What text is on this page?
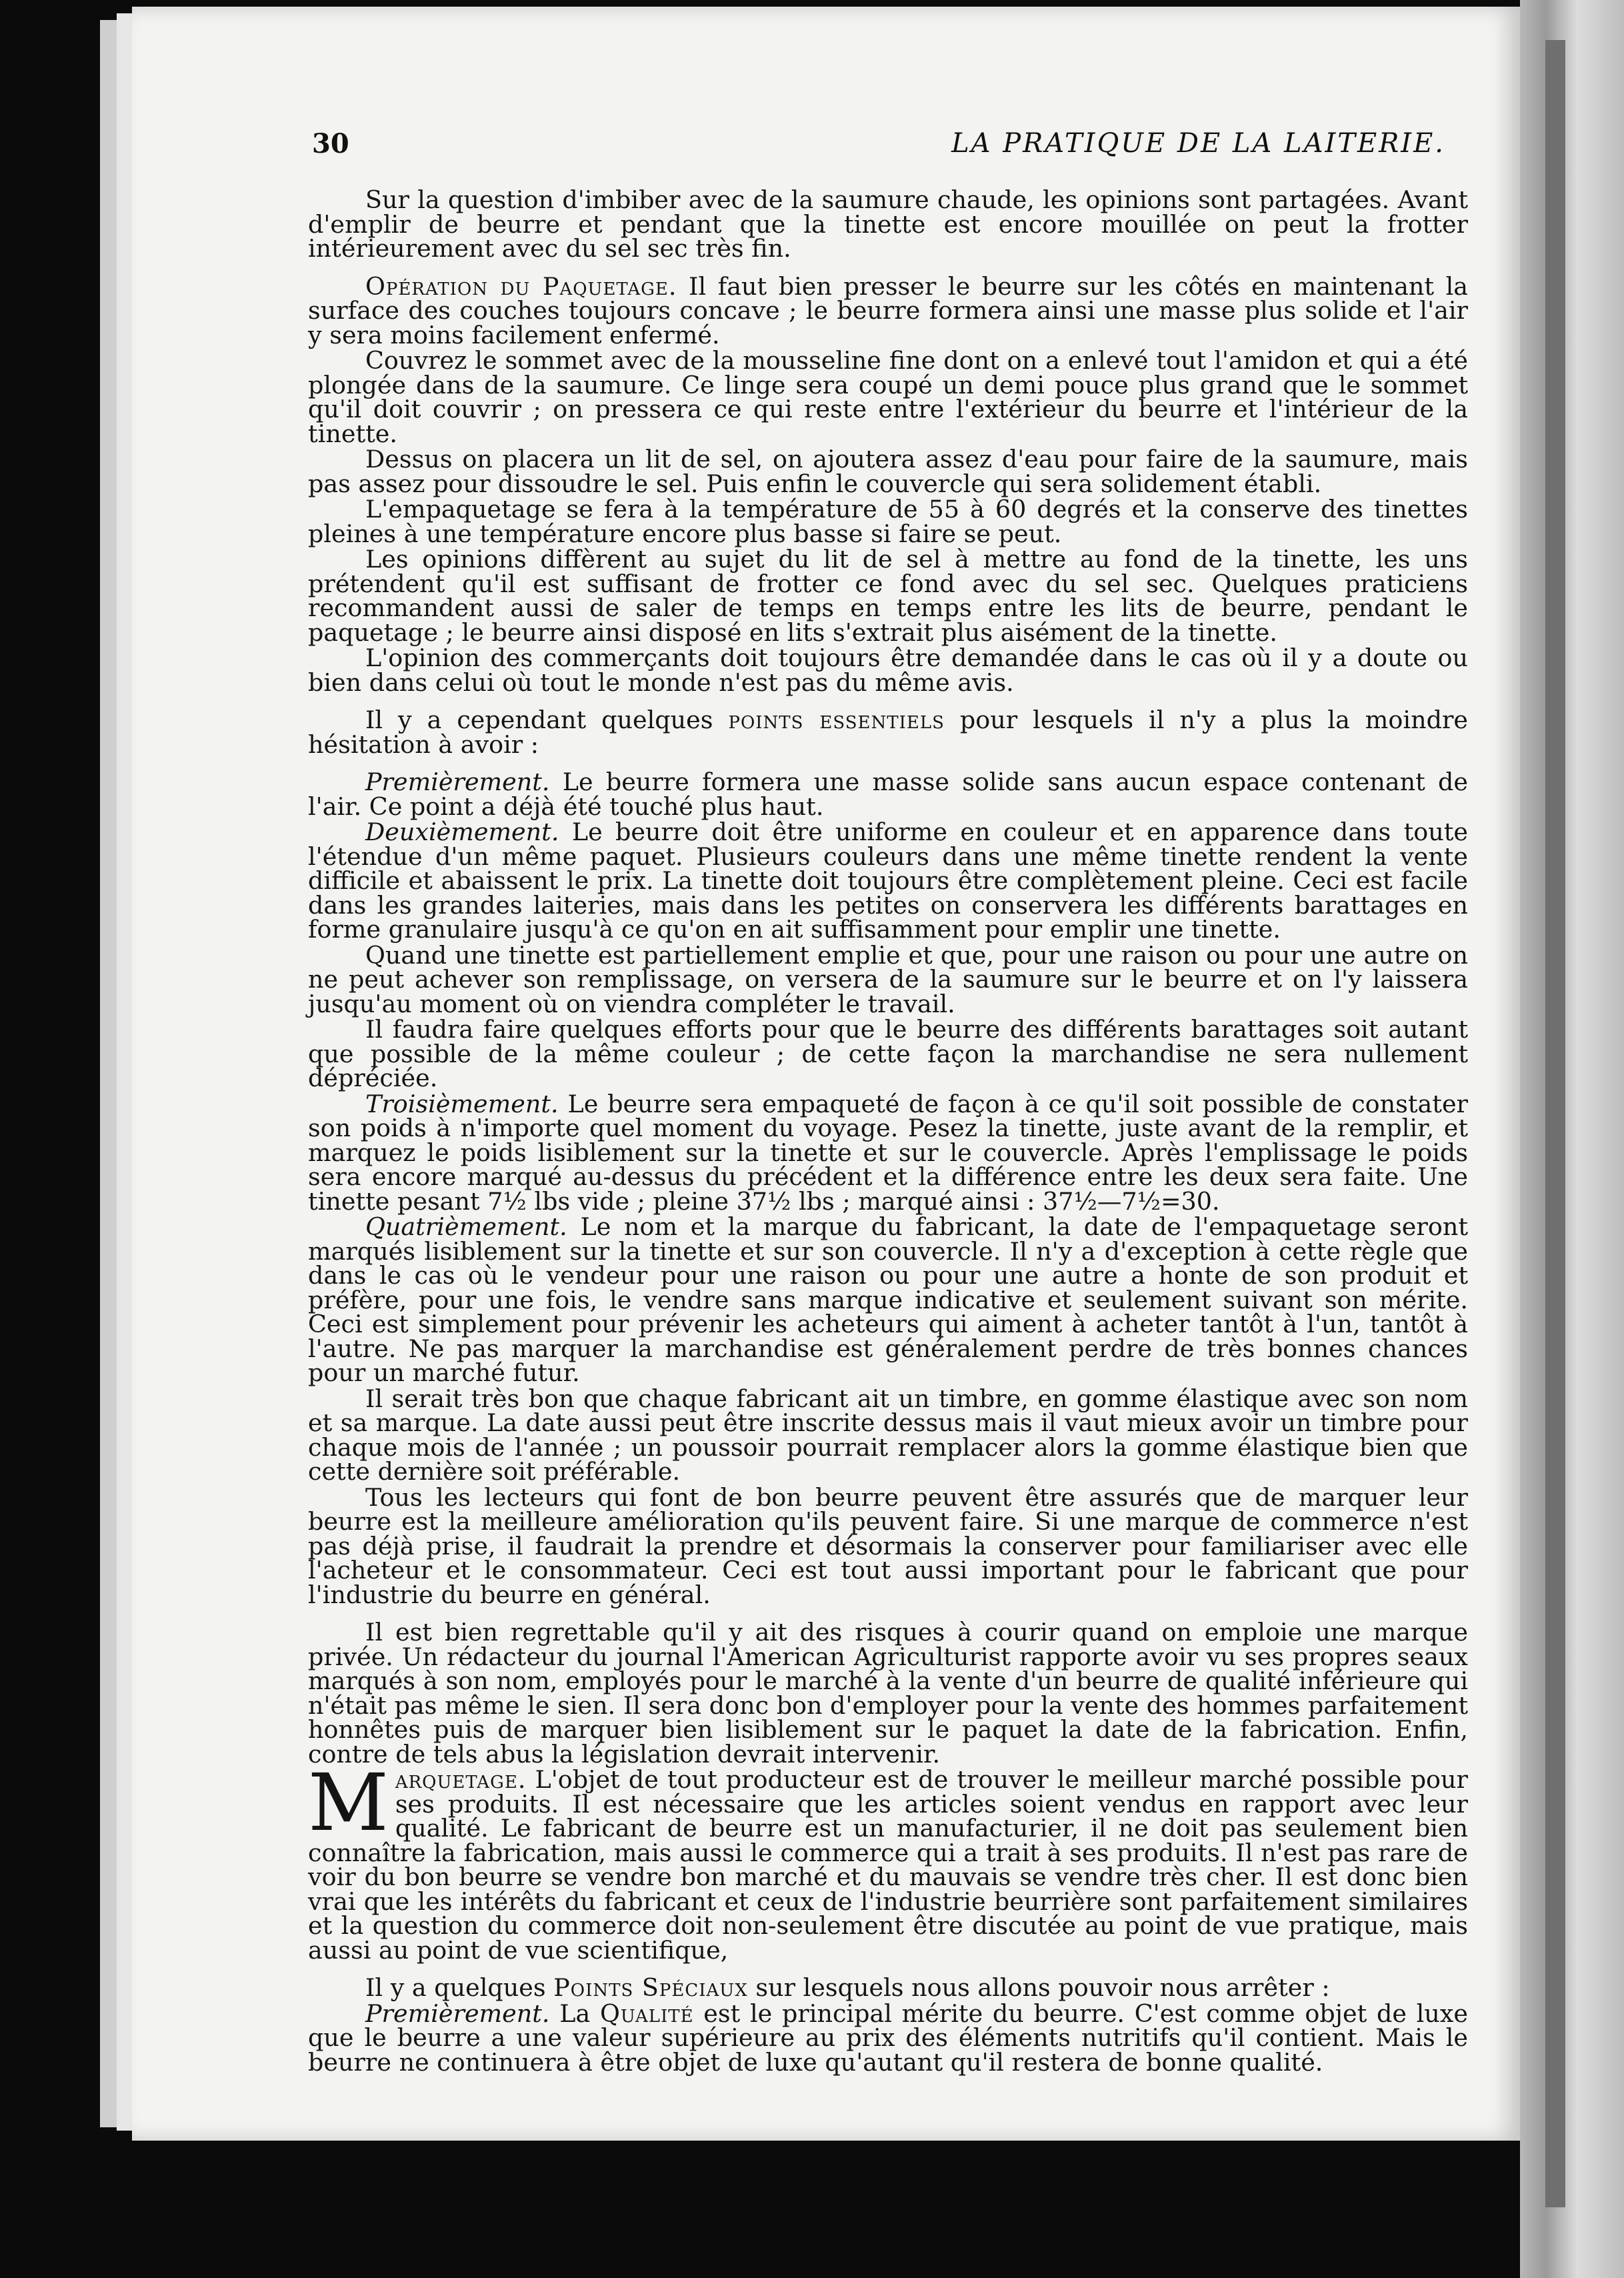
30	LA PRATIQUE DE LA LAITERIE.

Sur la question d'imbiber avec de la saumure chaude, les opinions sont partagées. Avant d'emplir de beurre et pendant que la tinette est encore mouillée on peut la frotter intérieurement avec du sel sec très fin.

Opération du Paquetage. Il faut bien presser le beurre sur les côtés en maintenant la surface des couches toujours concave ; le beurre formera ainsi une masse plus solide et l'air y sera moins facilement enfermé.

Couvrez le sommet avec de la mousseline fine dont on a enlevé tout l'amidon et qui a été plongée dans de la saumure. Ce linge sera coupé un demi pouce plus grand que le sommet qu'il doit couvrir ; on pressera ce qui reste entre l'extérieur du beurre et l'intérieur de la tinette.

Dessus on placera un lit de sel, on ajoutera assez d'eau pour faire de la saumure, mais pas assez pour dissoudre le sel. Puis enfin le couvercle qui sera solidement établi.

L'empaquetage se fera à la température de 55 à 60 degrés et la conserve des tinettes pleines à une température encore plus basse si faire se peut.

Les opinions diffèrent au sujet du lit de sel à mettre au fond de la tinette, les uns prétendent qu'il est suffisant de frotter ce fond avec du sel sec. Quelques praticiens recommandent aussi de saler de temps en temps entre les lits de beurre, pendant le paquetage ; le beurre ainsi disposé en lits s'extrait plus aisément de la tinette.

L'opinion des commerçants doit toujours être demandée dans le cas où il y a doute ou bien dans celui où tout le monde n'est pas du même avis.

Il y a cependant quelques points essentiels pour lesquels il n'y a plus la moindre hésitation à avoir :

Premièrement. Le beurre formera une masse solide sans aucun espace contenant de l'air. Ce point a déjà été touché plus haut.

Deuxièmement. Le beurre doit être uniforme en couleur et en apparence dans toute l'étendue d'un même paquet. Plusieurs couleurs dans une même tinette rendent la vente difficile et abaissent le prix. La tinette doit toujours être complètement pleine. Ceci est facile dans les grandes laiteries, mais dans les petites on conservera les différents barattages en forme granulaire jusqu'à ce qu'on en ait suffisamment pour emplir une tinette.

Quand une tinette est partiellement emplie et que, pour une raison ou pour une autre on ne peut achever son remplissage, on versera de la saumure sur le beurre et on l'y laissera jusqu'au moment où on viendra compléter le travail.

Il faudra faire quelques efforts pour que le beurre des différents barattages soit autant que possible de la même couleur ; de cette façon la marchandise ne sera nullement dépréciée.

Troisièmement. Le beurre sera empaqueté de façon à ce qu'il soit possible de constater son poids à n'importe quel moment du voyage. Pesez la tinette, juste avant de la remplir, et marquez le poids lisiblement sur la tinette et sur le couvercle. Après l'emplissage le poids sera encore marqué au-dessus du précédent et la différence entre les deux sera faite. Une tinette pesant 7½ lbs vide ; pleine 37½ lbs ; marqué ainsi : 37½—7½=30.

Quatrièmement. Le nom et la marque du fabricant, la date de l'empaquetage seront marqués lisiblement sur la tinette et sur son couvercle. Il n'y a d'exception à cette règle que dans le cas où le vendeur pour une raison ou pour une autre a honte de son produit et préfère, pour une fois, le vendre sans marque indicative et seulement suivant son mérite. Ceci est simplement pour prévenir les acheteurs qui aiment à acheter tantôt à l'un, tantôt à l'autre. Ne pas marquer la marchandise est généralement perdre de très bonnes chances pour un marché futur.

Il serait très bon que chaque fabricant ait un timbre, en gomme élastique avec son nom et sa marque. La date aussi peut être inscrite dessus mais il vaut mieux avoir un timbre pour chaque mois de l'année ; un poussoir pourrait remplacer alors la gomme élastique bien que cette dernière soit préférable.

Tous les lecteurs qui font de bon beurre peuvent être assurés que de marquer leur beurre est la meilleure amélioration qu'ils peuvent faire. Si une marque de commerce n'est pas déjà prise, il faudrait la prendre et désormais la conserver pour familiariser avec elle l'acheteur et le consommateur. Ceci est tout aussi important pour le fabricant que pour l'industrie du beurre en général.

Il est bien regrettable qu'il y ait des risques à courir quand on emploie une marque privée. Un rédacteur du journal l'American Agriculturist rapporte avoir vu ses propres seaux marqués à son nom, employés pour le marché à la vente d'un beurre de qualité inférieure qui n'était pas même le sien. Il sera donc bon d'employer pour la vente des hommes parfaitement honnêtes puis de marquer bien lisiblement sur le paquet la date de la fabrication. Enfin, contre de tels abus la législation devrait intervenir.

Marquetage. L'objet de tout producteur est de trouver le meilleur marché possible pour ses produits. Il est nécessaire que les articles soient vendus en rapport avec leur qualité. Le fabricant de beurre est un manufacturier, il ne doit pas seulement bien connaître la fabrication, mais aussi le commerce qui a trait à ses produits. Il n'est pas rare de voir du bon beurre se vendre bon marché et du mauvais se vendre très cher. Il est donc bien vrai que les intérêts du fabricant et ceux de l'industrie beurrière sont parfaitement similaires et la question du commerce doit non-seulement être discutée au point de vue pratique, mais aussi au point de vue scientifique,

Il y a quelques Points Spéciaux sur lesquels nous allons pouvoir nous arrêter :

Premièrement. La Qualité est le principal mérite du beurre. C'est comme objet de luxe que le beurre a une valeur supérieure au prix des éléments nutritifs qu'il contient. Mais le beurre ne continuera à être objet de luxe qu'autant qu'il restera de bonne qualité.
